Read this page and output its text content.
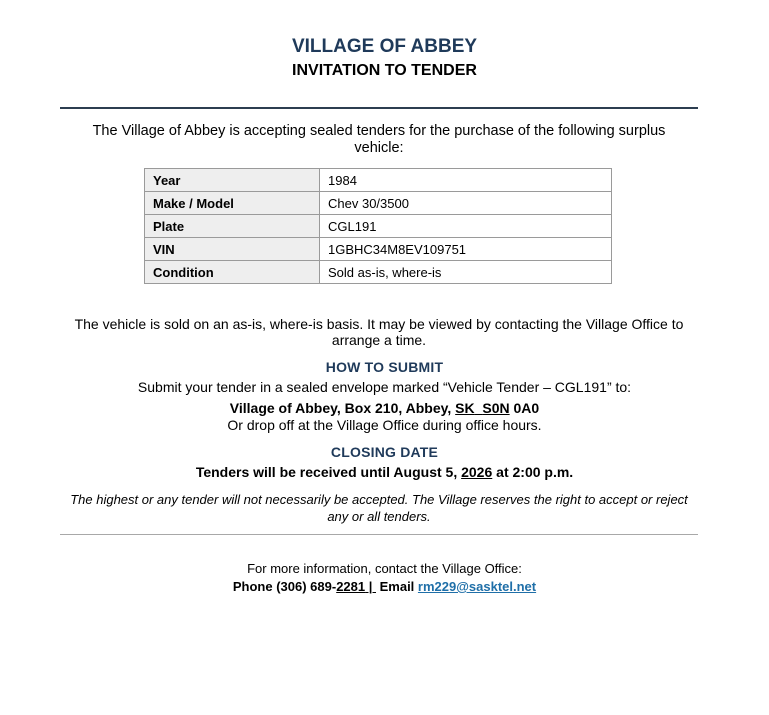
VILLAGE OF ABBEY
INVITATION TO TENDER
The Village of Abbey is accepting sealed tenders for the purchase of the following surplus vehicle:
Year	1984
Make / Model	Chev 30/3500
Plate	CGL191
VIN	1GBHC34M8EV109751
Condition	Sold as-is, where-is
The vehicle is sold on an as-is, where-is basis. It may be viewed by contacting the Village Office to arrange a time.
HOW TO SUBMIT
Submit your tender in a sealed envelope marked “Vehicle Tender – CGL191” to:
Village of Abbey, Box 210, Abbey, SK S0N 0A0
Or drop off at the Village Office during office hours.
CLOSING DATE
Tenders will be received until August 5, 2026 at 2:00 p.m.
The highest or any tender will not necessarily be accepted. The Village reserves the right to accept or reject any or all tenders.
For more information, contact the Village Office:
Phone (306) 689-2281 |  Email rm229@sasktel.net
